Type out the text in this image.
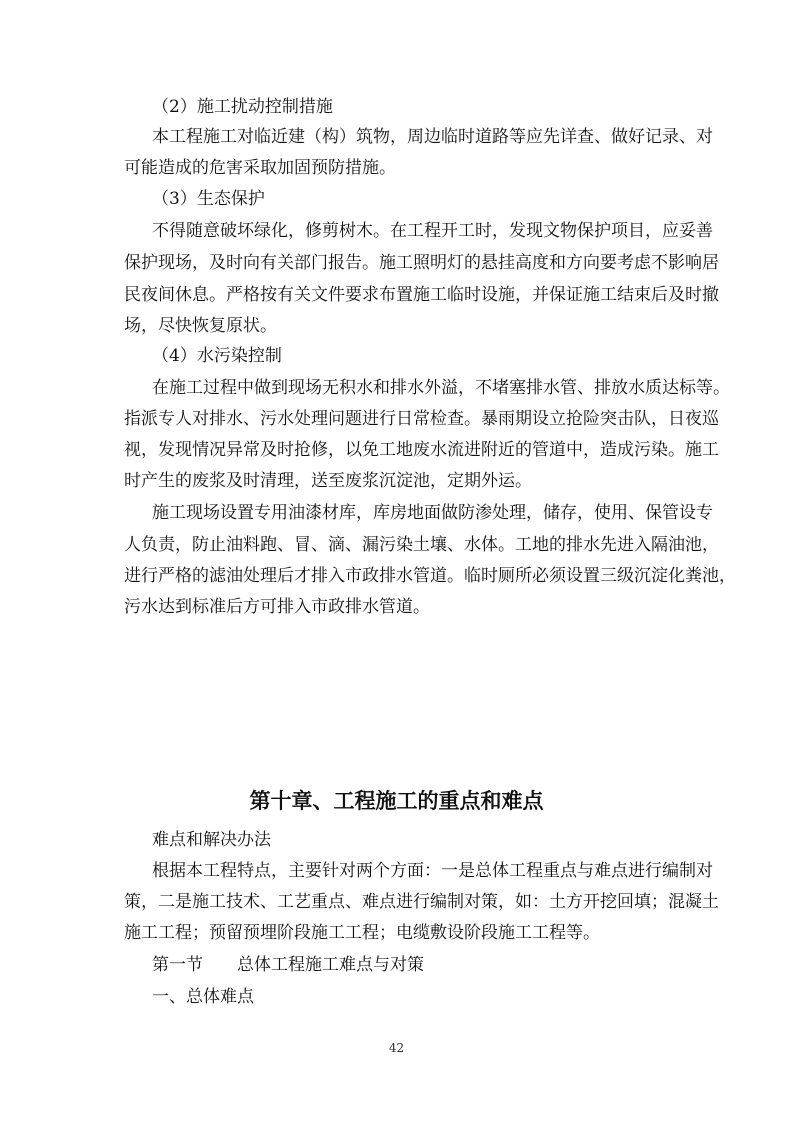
（2）施工扰动控制措施
本工程施工对临近建（构）筑物，周边临时道路等应先详查、做好记录、对
可能造成的危害采取加固预防措施。
（3）生态保护
不得随意破坏绿化，修剪树木。在工程开工时，发现文物保护项目，应妥善
保护现场，及时向有关部门报告。施工照明灯的悬挂高度和方向要考虑不影响居
民夜间休息。严格按有关文件要求布置施工临时设施，并保证施工结束后及时撤
场，尽快恢复原状。
（4）水污染控制
在施工过程中做到现场无积水和排水外溢，不堵塞排水管、排放水质达标等。
指派专人对排水、污水处理问题进行日常检查。暴雨期设立抢险突击队，日夜巡
视，发现情况异常及时抢修，以免工地废水流进附近的管道中，造成污染。施工
时产生的废浆及时清理，送至废浆沉淀池，定期外运。
施工现场设置专用油漆材库，库房地面做防渗处理，储存，使用、保管设专
人负责，防止油料跑、冒、滴、漏污染土壤、水体。工地的排水先进入隔油池，
进行严格的滤油处理后才排入市政排水管道。临时厕所必须设置三级沉淀化粪池，
污水达到标准后方可排入市政排水管道。
第十章、工程施工的重点和难点
难点和解决办法
根据本工程特点，主要针对两个方面：一是总体工程重点与难点进行编制对
策，二是施工技术、工艺重点、难点进行编制对策，如：土方开挖回填；混凝土
施工工程；预留预埋阶段施工工程；电缆敷设阶段施工工程等。
第一节 总体工程施工难点与对策
一、总体难点
42
